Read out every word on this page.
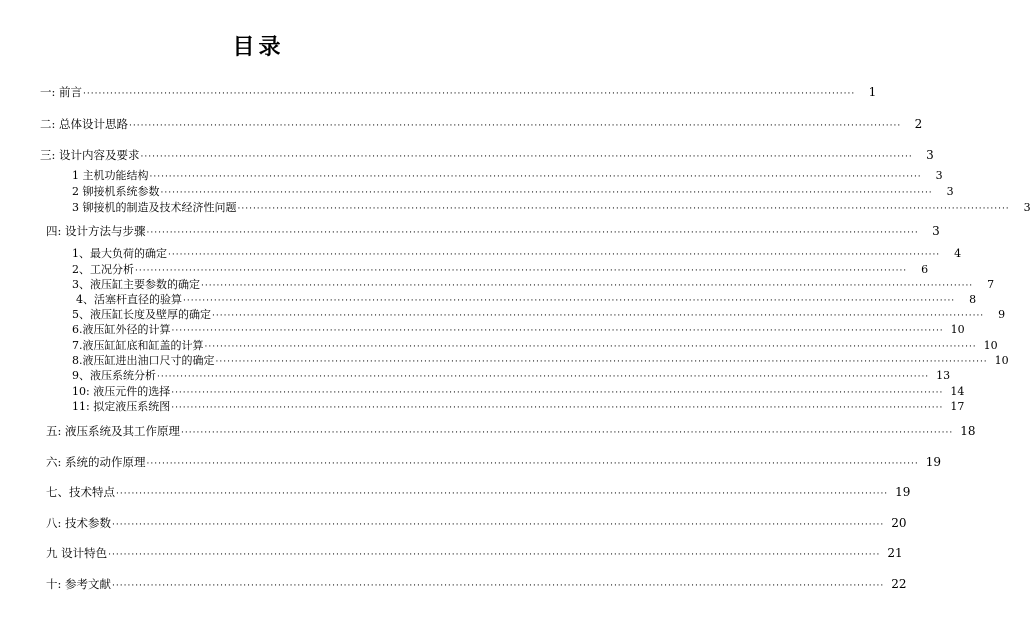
目录
一: 前言 ········································································································································································································	1
二: 总体设计思路 ········································································································································································································	2
三: 设计内容及要求 ········································································································································································································	3
1 主机功能结构 ········································································································································································································	3
2 铆接机系统参数 ········································································································································································································	3
3 铆接机的制造及技术经济性问题 ········································································································································································································	3
四: 设计方法与步骤 ········································································································································································································	3
1、最大负荷的确定 ········································································································································································································	4
2、工况分析 ········································································································································································································	6
3、液压缸主要参数的确定 ········································································································································································································	7
4、活塞杆直径的验算 ········································································································································································································	8
5、液压缸长度及壁厚的确定 ········································································································································································································	9
6.液压缸外径的计算 ········································································································································································································ 10
7.液压缸缸底和缸盖的计算 ········································································································································································································ 10
8.液压缸进出油口尺寸的确定 ········································································································································································································ 10
9、液压系统分析 ········································································································································································································ 13
10: 液压元件的选择 ········································································································································································································ 14
11: 拟定液压系统图 ········································································································································································································ 17
五: 液压系统及其工作原理 ········································································································································································································ 18
六: 系统的动作原理 ········································································································································································································ 19
七、技术特点 ········································································································································································································ 19
八: 技术参数 ········································································································································································································ 20
九 设计特色 ········································································································································································································ 21
十: 参考文献 ········································································································································································································ 22
